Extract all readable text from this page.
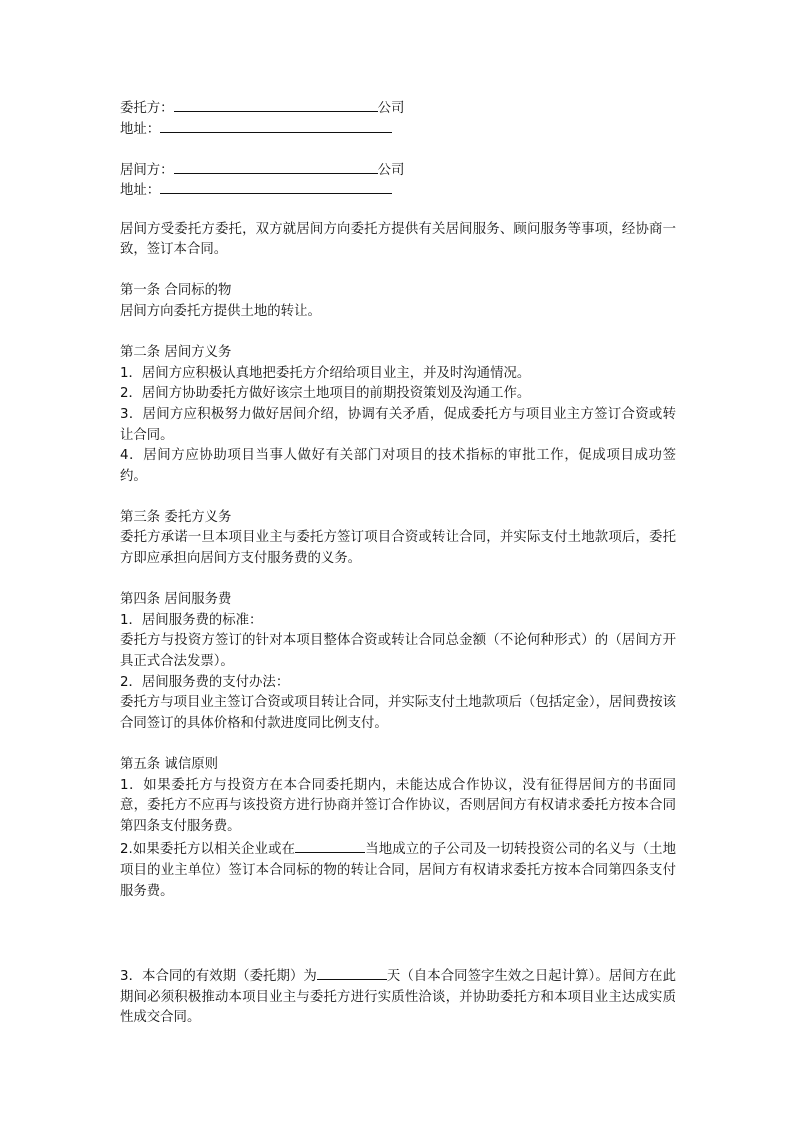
委托方：	公司
地址：
居间方：	公司
地址：
居间方受委托方委托，双方就居间方向委托方提供有关居间服务、顾问服务等事项，经协商一致，签订本合同。
第一条 合同标的物
居间方向委托方提供土地的转让。
第二条 居间方义务
1．居间方应积极认真地把委托方介绍给项目业主，并及时沟通情况。
2．居间方协助委托方做好该宗土地项目的前期投资策划及沟通工作。
3．居间方应积极努力做好居间介绍，协调有关矛盾，促成委托方与项目业主方签订合资或转让合同。
4．居间方应协助项目当事人做好有关部门对项目的技术指标的审批工作，促成项目成功签约。
第三条 委托方义务
委托方承诺一旦本项目业主与委托方签订项目合资或转让合同，并实际支付土地款项后，委托方即应承担向居间方支付服务费的义务。
第四条 居间服务费
1．居间服务费的标准：
委托方与投资方签订的针对本项目整体合资或转让合同总金额（不论何种形式）的（居间方开具正式合法发票）。
2．居间服务费的支付办法：
委托方与项目业主签订合资或项目转让合同，并实际支付土地款项后（包括定金），居间费按该合同签订的具体价格和付款进度同比例支付。
第五条 诚信原则
1．如果委托方与投资方在本合同委托期内，未能达成合作协议，没有征得居间方的书面同意，委托方不应再与该投资方进行协商并签订合作协议，否则居间方有权请求委托方按本合同第四条支付服务费。
2.如果委托方以相关企业或在	当地成立的子公司及一切转投资公司的名义与（土地项目的业主单位）签订本合同标的物的转让合同，居间方有权请求委托方按本合同第四条支付服务费。
3．本合同的有效期（委托期）为	天（自本合同签字生效之日起计算）。居间方在此期间必须积极推动本项目业主与委托方进行实质性洽谈，并协助委托方和本项目业主达成实质性成交合同。
